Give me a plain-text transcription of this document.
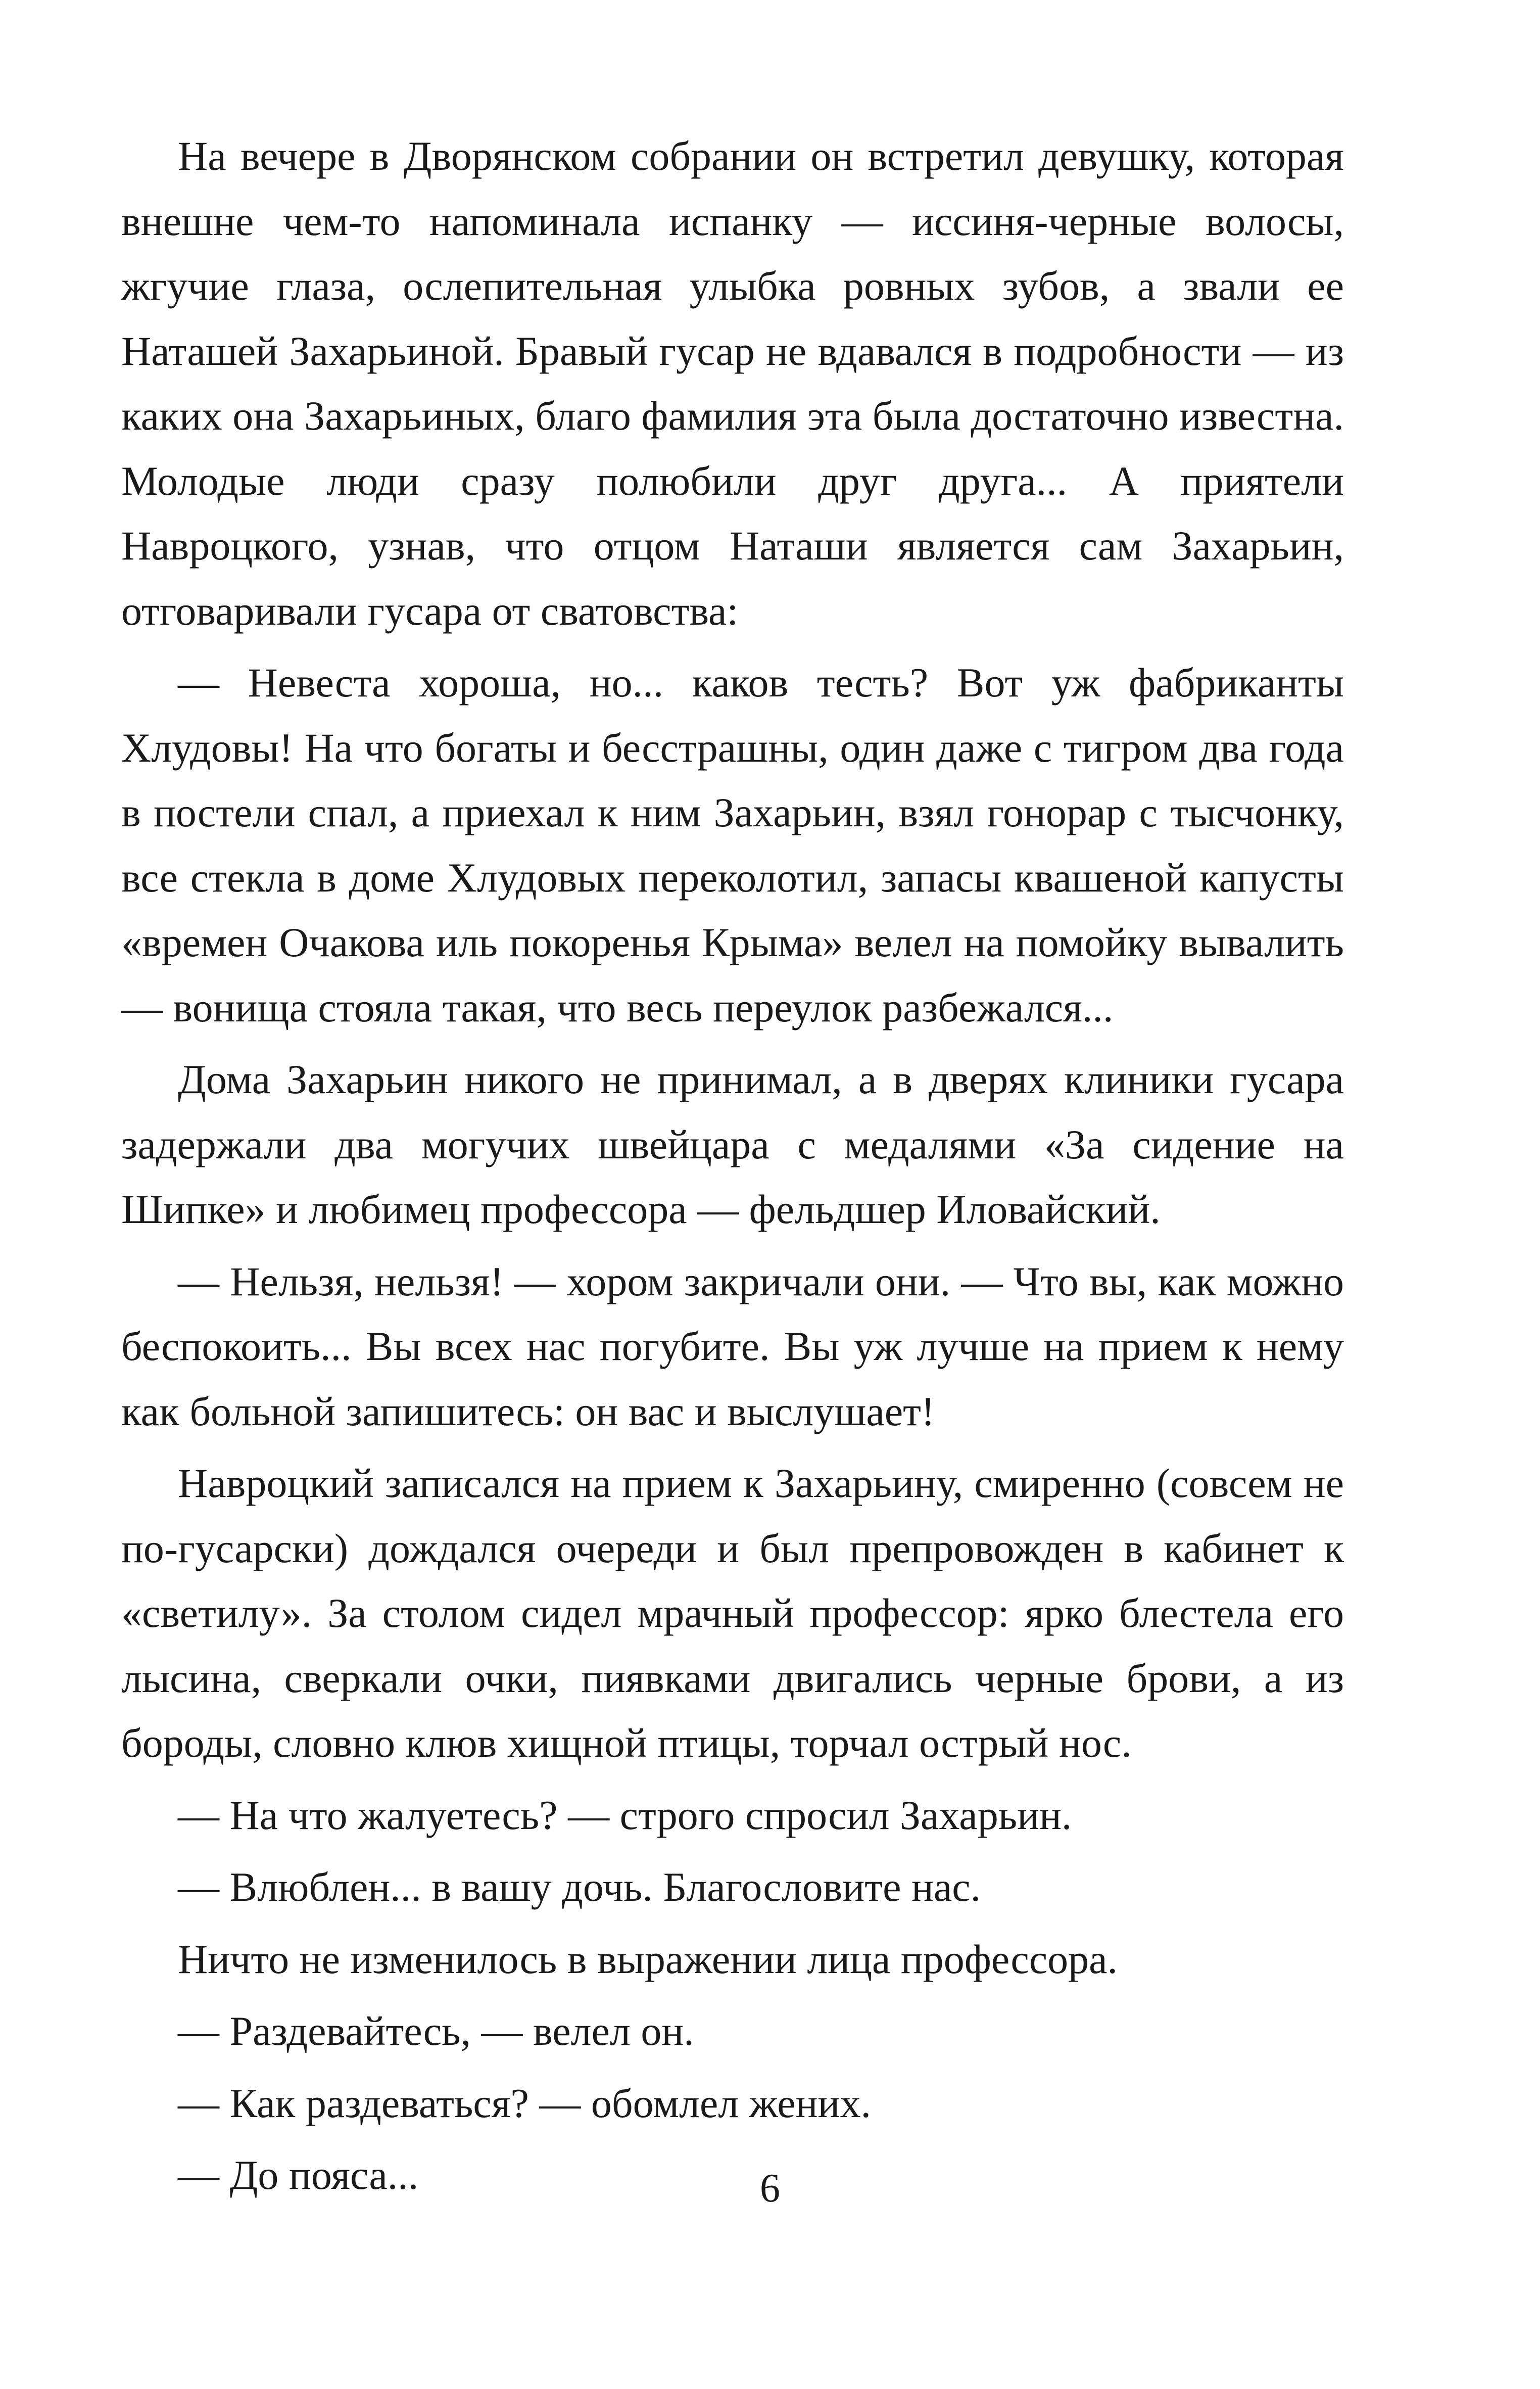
На вечере в Дворянском собрании он встретил девушку, которая внешне чем-то напоминала испанку — иссиня-черные волосы, жгучие глаза, ослепительная улыбка ровных зубов, а звали ее Наташей Захарьиной. Бравый гусар не вдавался в подробности — из каких она Захарьиных, благо фамилия эта была достаточно известна. Молодые люди сразу полюбили друг друга... А приятели Навроцкого, узнав, что отцом Наташи является сам Захарьин, отговаривали гусара от сватовства:

— Невеста хороша, но... каков тесть? Вот уж фабриканты Хлудовы! На что богаты и бесстрашны, один даже с тигром два года в постели спал, а приехал к ним Захарьин, взял гонорар с тысчонку, все стекла в доме Хлудовых переколотил, запасы квашеной капусты «времен Очакова иль покоренья Крыма» велел на помойку вывалить — вонища стояла такая, что весь переулок разбежался...

Дома Захарьин никого не принимал, а в дверях клиники гусара задержали два могучих швейцара с медалями «За сидение на Шипке» и любимец профессора — фельдшер Иловайский.

— Нельзя, нельзя! — хором закричали они. — Что вы, как можно беспокоить... Вы всех нас погубите. Вы уж лучше на прием к нему как больной запишитесь: он вас и выслушает!

Навроцкий записался на прием к Захарьину, смиренно (совсем не по-гусарски) дождался очереди и был препровожден в кабинет к «светилу». За столом сидел мрачный профессор: ярко блестела его лысина, сверкали очки, пиявками двигались черные брови, а из бороды, словно клюв хищной птицы, торчал острый нос.

— На что жалуетесь? — строго спросил Захарьин.

— Влюблен... в вашу дочь. Благословите нас.

Ничто не изменилось в выражении лица профессора.

— Раздевайтесь, — велел он.

— Как раздеваться? — обомлел жених.

— До пояса...	6
